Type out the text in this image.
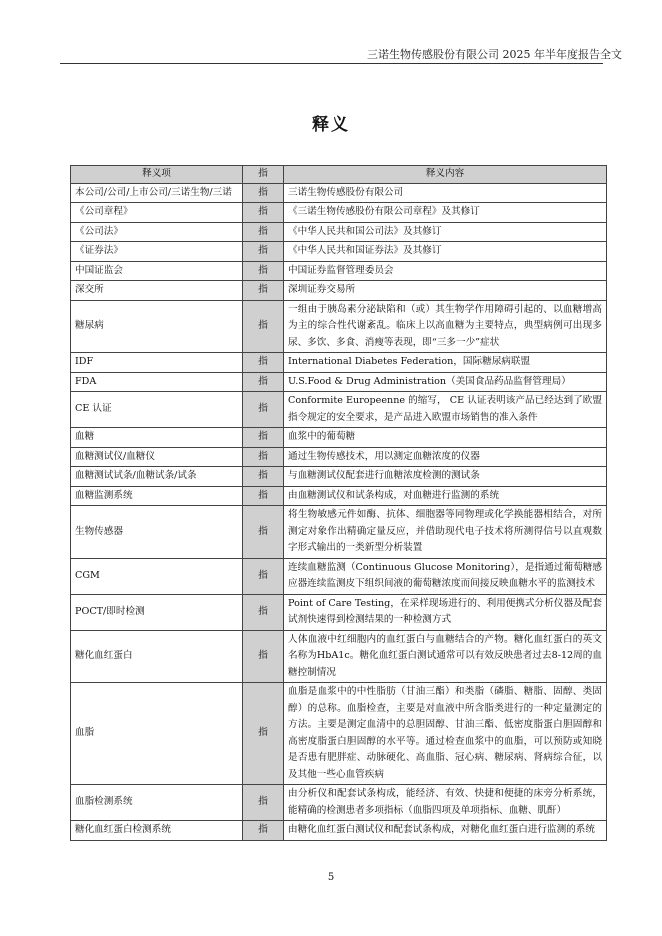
三诺生物传感股份有限公司 2025 年半年度报告全文
释义
释义项	指	释义内容
本公司/公司/上市公司/三诺生物/三诺	指	三诺生物传感股份有限公司
《公司章程》	指	《三诺生物传感股份有限公司章程》及其修订
《公司法》	指	《中华人民共和国公司法》及其修订
《证券法》	指	《中华人民共和国证券法》及其修订
中国证监会	指	中国证券监督管理委员会
深交所	指	深圳证券交易所
糖尿病	指	一组由于胰岛素分泌缺陷和（或）其生物学作用障碍引起的、以血糖增高为主的综合性代谢紊乱。临床上以高血糖为主要特点，典型病例可出现多尿、多饮、多食、消瘦等表现，即“三多一少”症状
IDF	指	International Diabetes Federation，国际糖尿病联盟
FDA	指	U.S.Food & Drug Administration（美国食品药品监督管理局）
CE 认证	指	Conformite Europeenne 的缩写， CE 认证表明该产品已经达到了欧盟指令规定的安全要求，是产品进入欧盟市场销售的准入条件
血糖	指	血浆中的葡萄糖
血糖测试仪/血糖仪	指	通过生物传感技术，用以测定血糖浓度的仪器
血糖测试试条/血糖试条/试条	指	与血糖测试仪配套进行血糖浓度检测的测试条
血糖监测系统	指	由血糖测试仪和试条构成，对血糖进行监测的系统
生物传感器	指	将生物敏感元件如酶、抗体、细胞器等同物理或化学换能器相结合，对所测定对象作出精确定量反应，并借助现代电子技术将所测得信号以直观数字形式输出的一类新型分析装置
CGM	指	连续血糖监测（Continuous Glucose Monitoring），是指通过葡萄糖感应器连续监测皮下组织间液的葡萄糖浓度而间接反映血糖水平的监测技术
POCT/即时检测	指	Point of Care Testing，在采样现场进行的、利用便携式分析仪器及配套试剂快速得到检测结果的一种检测方式
糖化血红蛋白	指	人体血液中红细胞内的血红蛋白与血糖结合的产物。糖化血红蛋白的英文名称为HbA1c。糖化血红蛋白测试通常可以有效反映患者过去8-12周的血糖控制情况
血脂	指	血脂是血浆中的中性脂肪（甘油三酯）和类脂（磷脂、糖脂、固醇、类固醇）的总称。血脂检查，主要是对血液中所含脂类进行的一种定量测定的方法。主要是测定血清中的总胆固醇、甘油三酯、低密度脂蛋白胆固醇和高密度脂蛋白胆固醇的水平等。通过检查血浆中的血脂，可以预防或知晓是否患有肥胖症、动脉硬化、高血脂、冠心病、糖尿病、肾病综合征，以及其他一些心血管疾病
血脂检测系统	指	由分析仪和配套试条构成，能经济、有效、快捷和便捷的床旁分析系统，能精确的检测患者多项指标（血脂四项及单项指标、血糖、肌酐）
糖化血红蛋白检测系统	指	由糖化血红蛋白测试仪和配套试条构成，对糖化血红蛋白进行监测的系统
5
